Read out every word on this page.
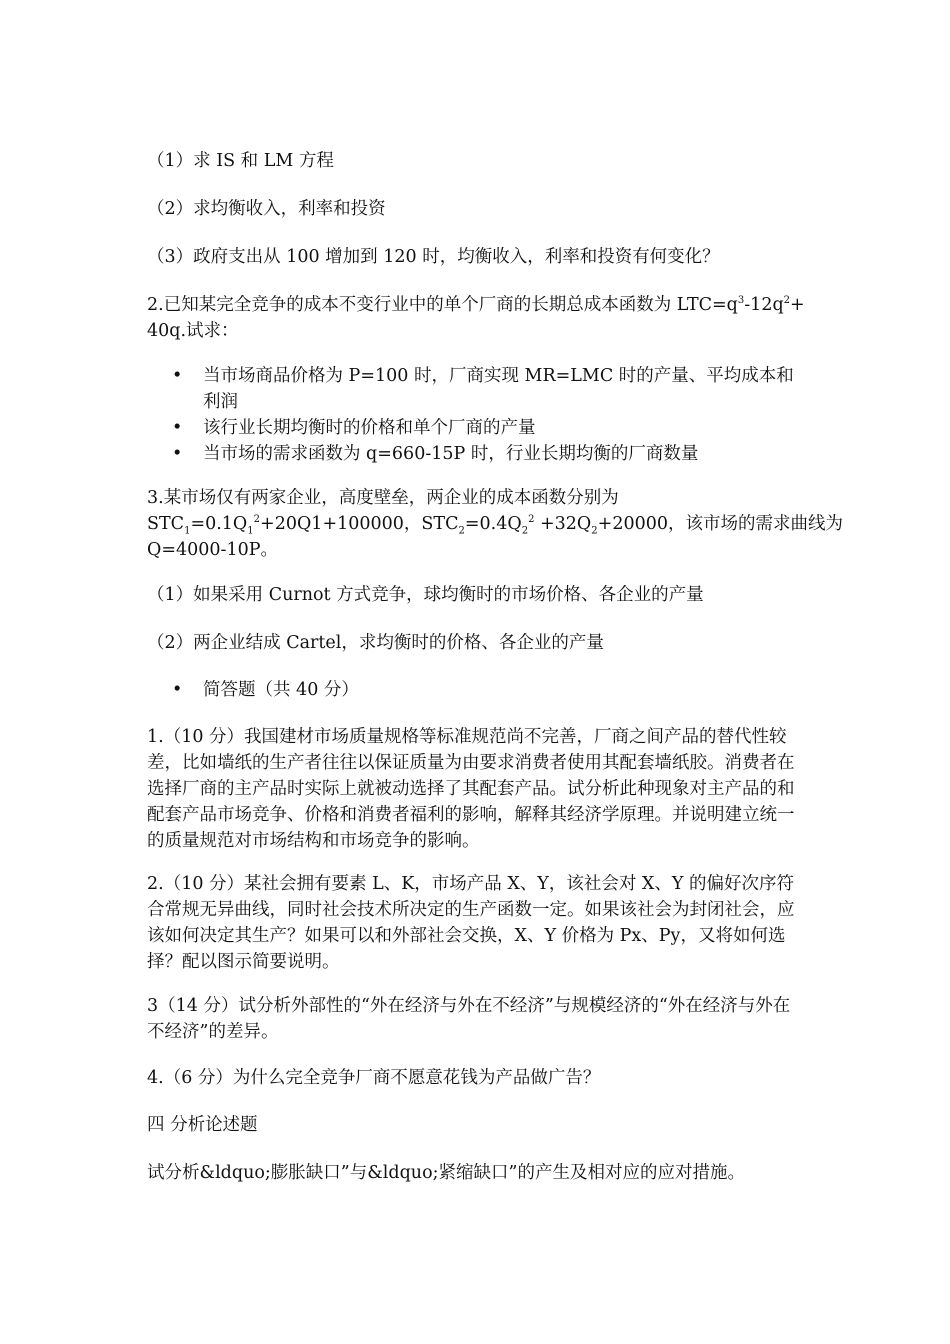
（1）求 IS 和 LM 方程

（2）求均衡收入，利率和投资

（3）政府支出从 100 增加到 120 时，均衡收入，利率和投资有何变化？

2.已知某完全竞争的成本不变行业中的单个厂商的长期总成本函数为 $LTC=q^3-12q^2+40q$.试求：

• 当市场商品价格为 P=100 时，厂商实现 MR=LMC 时的产量、平均成本和利润
• 该行业长期均衡时的价格和单个厂商的产量
• 当市场的需求函数为 q=660-15P 时，行业长期均衡的厂商数量
3.某市场仅有两家企业，高度壁垒，两企业的成本函数分别为
$STC_1=0.1Q_1^2+20Q1+100000$，$STC_2=0.4Q_2^2 +32Q_2+20000$，该市场的需求曲线为
Q=4000-10P。

（1）如果采用 Curnot 方式竞争，球均衡时的市场价格、各企业的产量

（2）两企业结成 Cartel，求均衡时的价格、各企业的产量

• 简答题（共 40 分）

1.（10 分）我国建材市场质量规格等标准规范尚不完善，厂商之间产品的替代性较差，比如墙纸的生产者往往以保证质量为由要求消费者使用其配套墙纸胶。消费者在选择厂商的主产品时实际上就被动选择了其配套产品。试分析此种现象对主产品的和配套产品市场竞争、价格和消费者福利的影响，解释其经济学原理。并说明建立统一的质量规范对市场结构和市场竞争的影响。

2.（10 分）某社会拥有要素 L、K，市场产品 X、Y，该社会对 X、Y 的偏好次序符合常规无异曲线，同时社会技术所决定的生产函数一定。如果该社会为封闭社会，应该如何决定其生产？如果可以和外部社会交换，X、Y 价格为 Px、Py，又将如何选择？配以图示简要说明。

3（14 分）试分析外部性的“外在经济与外在不经济”与规模经济的“外在经济与外在不经济”的差异。

4.（6 分）为什么完全竞争厂商不愿意花钱为产品做广告？

四 分析论述题

试分析&ldquo;膨胀缺口”与&ldquo;紧缩缺口”的产生及相对应的应对措施。
